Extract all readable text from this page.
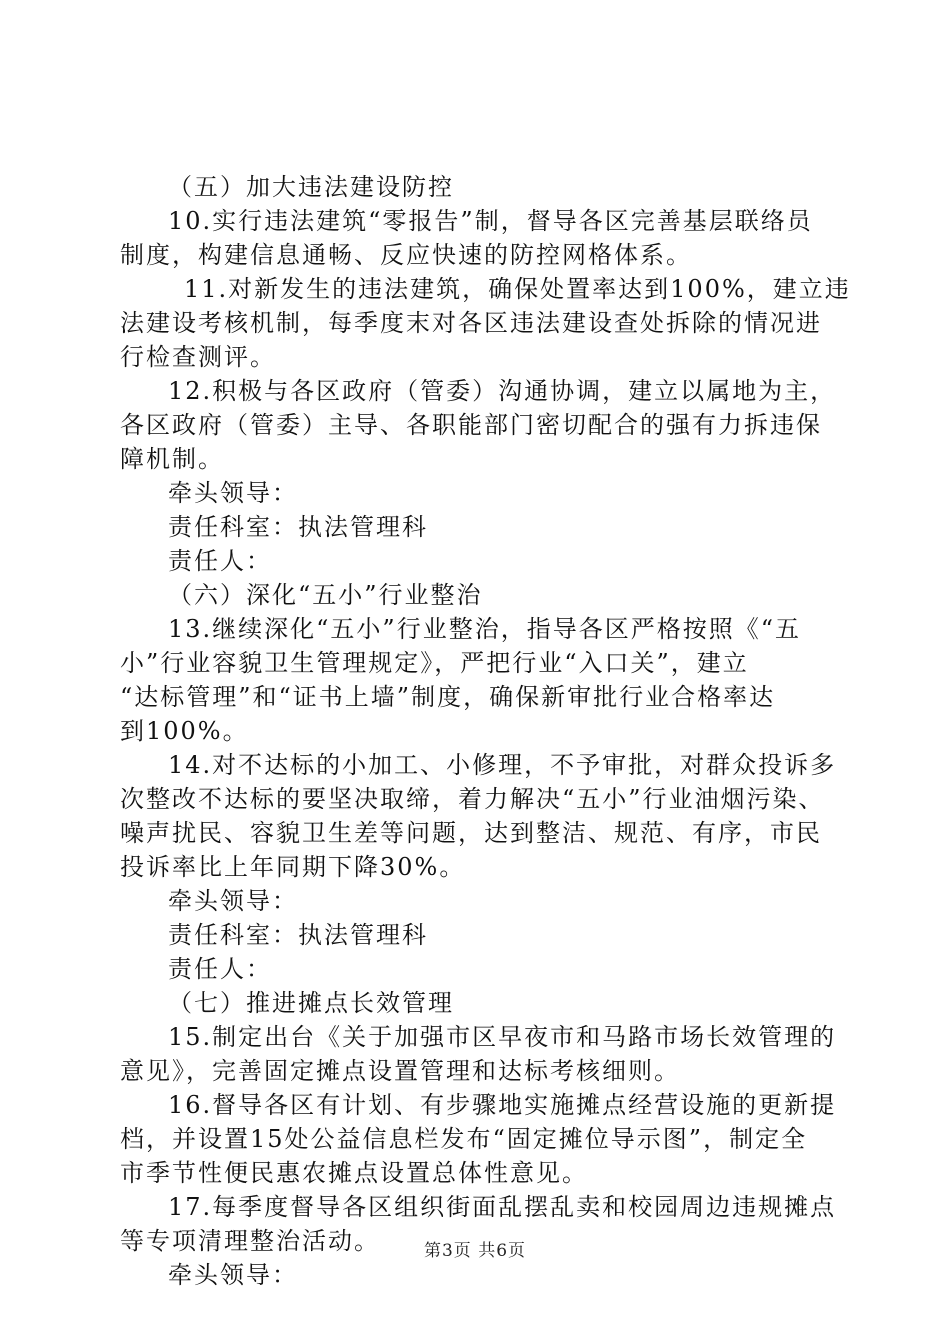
（五）加大违法建设防控

10.实行违法建筑“零报告”制，督导各区完善基层联络员

制度，构建信息通畅、反应快速的防控网格体系。

11.对新发生的违法建筑，确保处置率达到100%，建立违

法建设考核机制，每季度末对各区违法建设查处拆除的情况进

行检查测评。

12.积极与各区政府（管委）沟通协调，建立以属地为主，

各区政府（管委）主导、各职能部门密切配合的强有力拆违保

障机制。

牵头领导：

责任科室：执法管理科

责任人：

（六）深化“五小”行业整治

13.继续深化“五小”行业整治，指导各区严格按照《“五

小”行业容貌卫生管理规定》，严把行业“入口关”，建立

“达标管理”和“证书上墙”制度，确保新审批行业合格率达

到100%。

14.对不达标的小加工、小修理，不予审批，对群众投诉多

次整改不达标的要坚决取缔，着力解决“五小”行业油烟污染、

噪声扰民、容貌卫生差等问题，达到整洁、规范、有序，市民

投诉率比上年同期下降30%。

牵头领导：

责任科室：执法管理科

责任人：

（七）推进摊点长效管理

15.制定出台《关于加强市区早夜市和马路市场长效管理的

意见》，完善固定摊点设置管理和达标考核细则。

16.督导各区有计划、有步骤地实施摊点经营设施的更新提

档，并设置15处公益信息栏发布“固定摊位导示图”，制定全

市季节性便民惠农摊点设置总体性意见。

17.每季度督导各区组织街面乱摆乱卖和校园周边违规摊点

等专项清理整治活动。

牵头领导：

第3页 共6页
